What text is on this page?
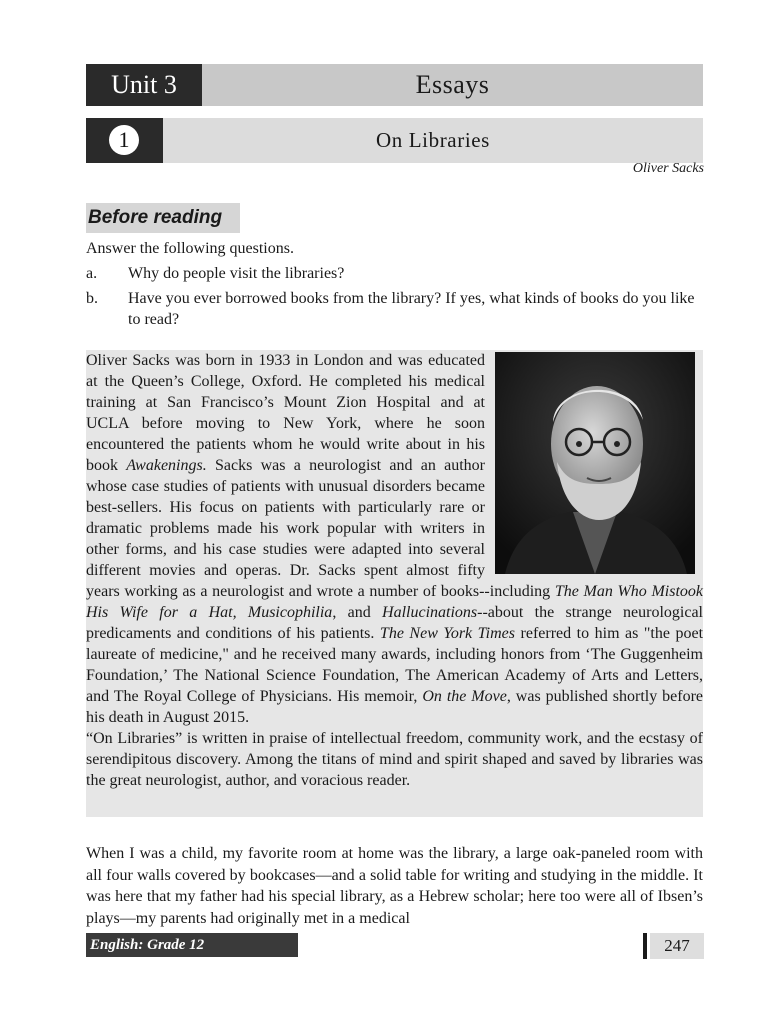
Unit 3	Essays
1	On Libraries
Oliver Sacks
Before reading
Answer the following questions.
a. Why do people visit the libraries?
b. Have you ever borrowed books from the library? If yes, what kinds of books do you like to read?

Oliver Sacks was born in 1933 in London and was educated at the Queen’s College, Oxford. He completed his medical training at San Francisco’s Mount Zion Hospital and at UCLA before moving to New York, where he soon encountered the patients whom he would write about in his book Awakenings. Sacks was a neurologist and an author whose case studies of patients with unusual disorders became best-sellers. His focus on patients with particularly rare or dramatic problems made his work popular with writers in other forms, and his case studies were adapted into several different movies and operas. Dr. Sacks spent almost fifty years working as a neurologist and wrote a number of books--including The Man Who Mistook His Wife for a Hat, Musicophilia, and Hallucinations--about the strange neurological predicaments and conditions of his patients. The New York Times referred to him as "the poet laureate of medicine," and he received many awards, including honors from ‘The Guggenheim Foundation,’ The National Science Foundation, The American Academy of Arts and Letters, and The Royal College of Physicians. His memoir, On the Move, was published shortly before his death in August 2015.

“On Libraries” is written in praise of intellectual freedom, community work, and the ecstasy of serendipitous discovery. Among the titans of mind and spirit shaped and saved by libraries was the great neurologist, author, and voracious reader.

When I was a child, my favorite room at home was the library, a large oak-paneled room with all four walls covered by bookcases—and a solid table for writing and studying in the middle. It was here that my father had his special library, as a Hebrew scholar; here too were all of Ibsen’s plays—my parents had originally met in a medical

English: Grade 12	247
